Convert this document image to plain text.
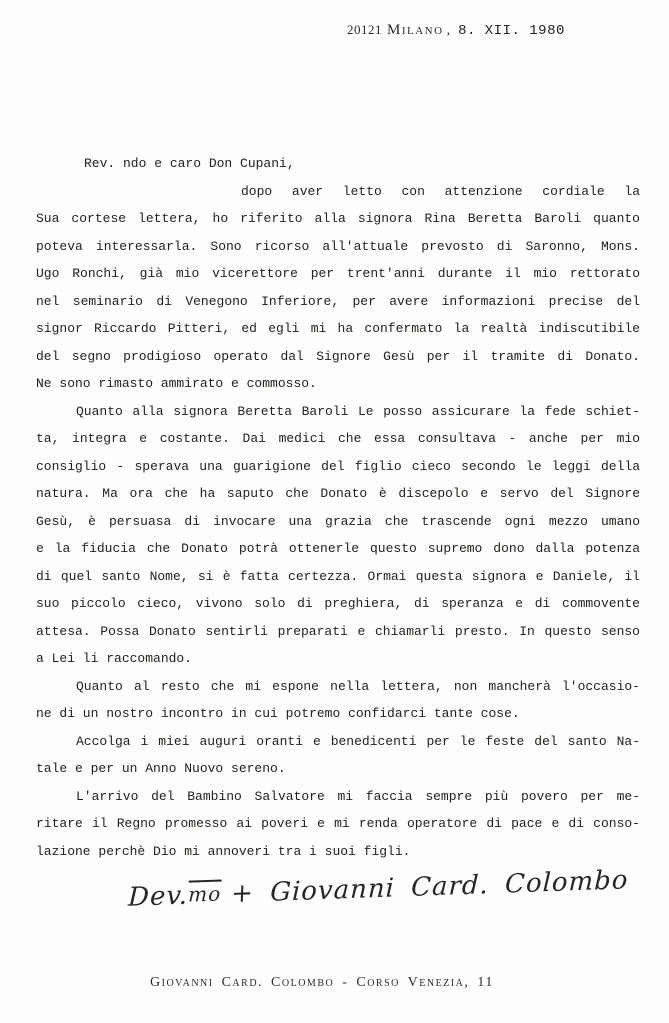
20121 Milano , 8. XII. 1980
Rev. ndo e caro Don Cupani,
dopo aver letto con attenzione cordiale la
Sua cortese lettera, ho riferito alla signora Rina Beretta Baroli quanto
poteva interessarla. Sono ricorso all'attuale prevosto di Saronno, Mons.
Ugo Ronchi, già mio vicerettore per trent'anni durante il mio rettorato
nel seminario di Venegono Inferiore, per avere informazioni precise del
signor Riccardo Pitteri, ed egli mi ha confermato la realtà indiscutibile
del segno prodigioso operato dal Signore Gesù per il tramite di Donato.
Ne sono rimasto ammirato e commosso.
Quanto alla signora Beretta Baroli Le posso assicurare la fede schiet-
ta, integra e costante. Dai medici che essa consultava - anche per mio
consiglio - sperava una guarigione del figlio cieco secondo le leggi della
natura. Ma ora che ha saputo che Donato è discepolo e servo del Signore
Gesù, è persuasa di invocare una grazia che trascende ogni mezzo umano
e la fiducia che Donato potrà ottenerle questo supremo dono dalla potenza
di quel santo Nome, si è fatta certezza. Ormai questa signora e Daniele, il
suo piccolo cieco, vivono solo di preghiera, di speranza e di commovente
attesa. Possa Donato sentirli preparati e chiamarli presto. In questo senso
a Lei li raccomando.
Quanto al resto che mi espone nella lettera, non mancherà l'occasio-
ne di un nostro incontro in cui potremo confidarci tante cose.
Accolga i miei auguri oranti e benedicenti per le feste del santo Na-
tale e per un Anno Nuovo sereno.
L'arrivo del Bambino Salvatore mi faccia sempre più povero per me-
ritare il Regno promesso ai poveri e mi renda operatore di pace e di conso-
lazione perchè Dio mi annoveri tra i suoi figli.
$Dev.\overline{mo}$ + Giovanni Card. Colombo
Giovanni Card. Colombo - Corso Venezia, 11
